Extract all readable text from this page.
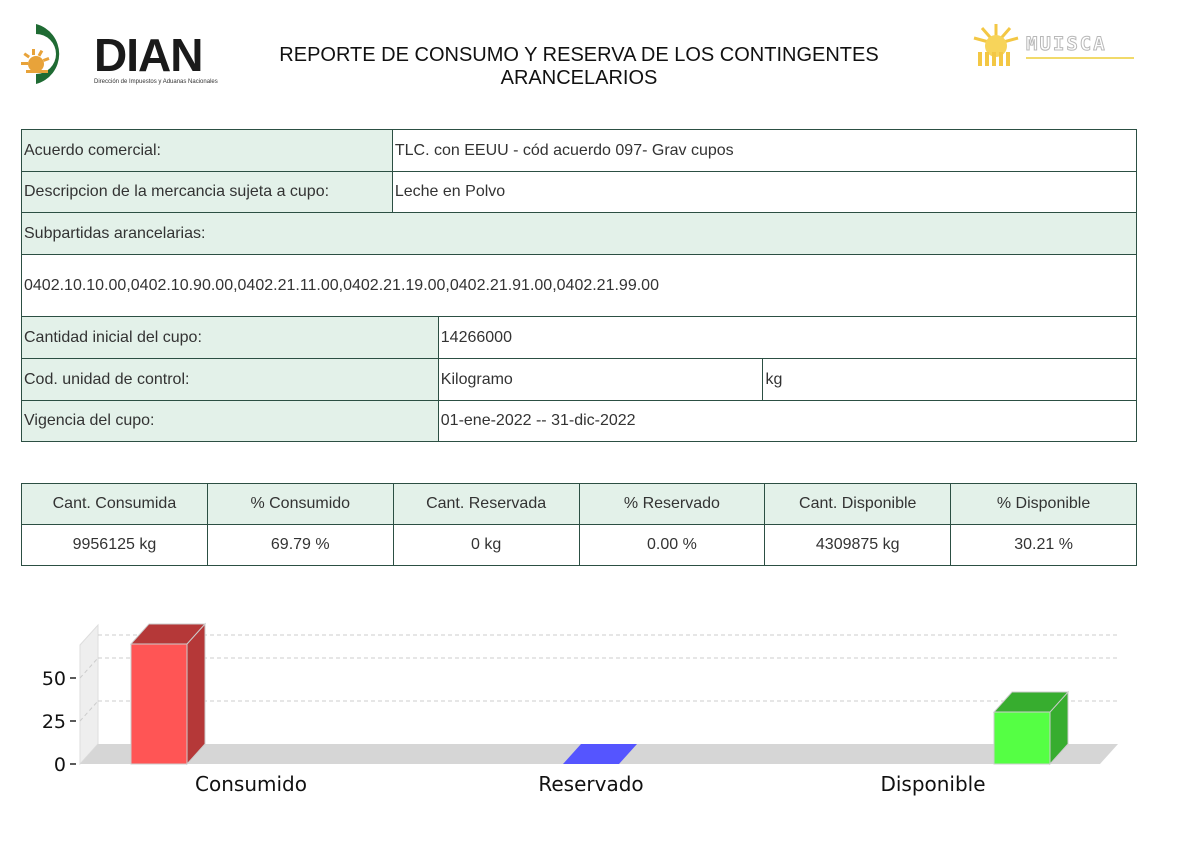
DIAN
Dirección de Impuestos y Aduanas Nacionales
REPORTE DE CONSUMO Y RESERVA DE LOS CONTINGENTES ARANCELARIOS
MUISCA
Acuerdo comercial:	TLC. con EEUU - cód acuerdo 097- Grav cupos		
Descripcion de la mercancia sujeta a cupo:	Leche en Polvo		
Subpartidas arancelarias:			
0402.10.10.00,0402.10.90.00,0402.21.11.00,0402.21.19.00,0402.21.91.00,0402.21.99.00			
Cantidad inicial del cupo:		14266000	
Cod. unidad de control:		Kilogramo	kg
Vigencia del cupo:		01-ene-2022 -- 31-dic-2022	
Cant. Consumida	% Consumido	Cant. Reservada	% Reservado	Cant. Disponible	% Disponible
9956125 kg	69.79 %	0 kg	0.00 %	4309875 kg	30.21 %
0
25
50
Consumido	Reservado	Disponible
